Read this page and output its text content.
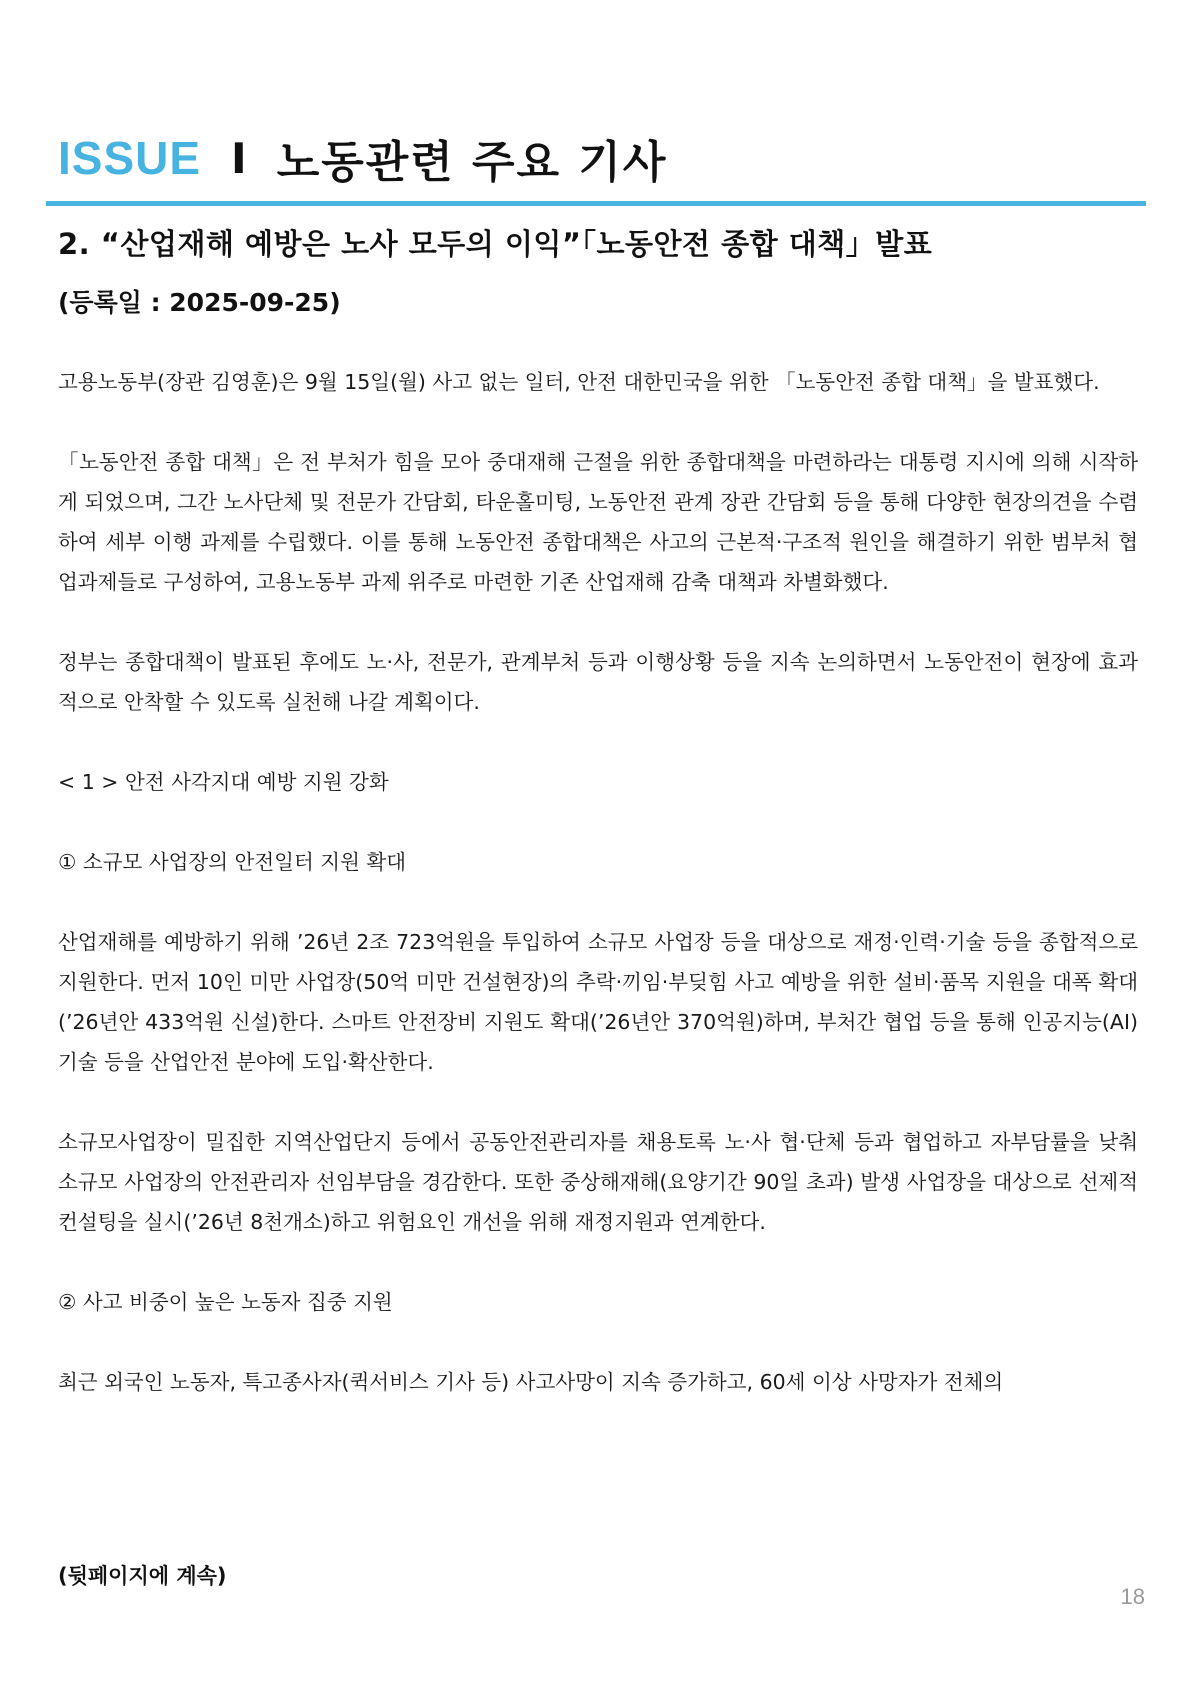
ISSUE I 노동관련 주요 기사
2. “산업재해 예방은 노사 모두의 이익”「노동안전 종합 대책」발표
(등록일 : 2025-09-25)

고용노동부(장관 김영훈)은 9월 15일(월) 사고 없는 일터, 안전 대한민국을 위한 「노동안전 종합 대책」을 발표했다.

「노동안전 종합 대책」은 전 부처가 힘을 모아 중대재해 근절을 위한 종합대책을 마련하라는 대통령 지시에 의해 시작하게 되었으며, 그간 노사단체 및 전문가 간담회, 타운홀미팅, 노동안전 관계 장관 간담회 등을 통해 다양한 현장의견을 수렴하여 세부 이행 과제를 수립했다. 이를 통해 노동안전 종합대책은 사고의 근본적·구조적 원인을 해결하기 위한 범부처 협업과제들로 구성하여, 고용노동부 과제 위주로 마련한 기존 산업재해 감축 대책과 차별화했다.

정부는 종합대책이 발표된 후에도 노·사, 전문가, 관계부처 등과 이행상황 등을 지속 논의하면서 노동안전이 현장에 효과적으로 안착할 수 있도록 실천해 나갈 계획이다.

< 1 > 안전 사각지대 예방 지원 강화

① 소규모 사업장의 안전일터 지원 확대

산업재해를 예방하기 위해 ’26년 2조 723억원을 투입하여 소규모 사업장 등을 대상으로 재정·인력·기술 등을 종합적으로 지원한다. 먼저 10인 미만 사업장(50억 미만 건설현장)의 추락·끼임·부딪힘 사고 예방을 위한 설비·품목 지원을 대폭 확대(’26년안 433억원 신설)한다. 스마트 안전장비 지원도 확대(’26년안 370억원)하며, 부처간 협업 등을 통해 인공지능(AI) 기술 등을 산업안전 분야에 도입·확산한다.

소규모사업장이 밀집한 지역산업단지 등에서 공동안전관리자를 채용토록 노·사 협·단체 등과 협업하고 자부담률을 낮춰 소규모 사업장의 안전관리자 선임부담을 경감한다. 또한 중상해재해(요양기간 90일 초과) 발생 사업장을 대상으로 선제적 컨설팅을 실시(’26년 8천개소)하고 위험요인 개선을 위해 재정지원과 연계한다.

② 사고 비중이 높은 노동자 집중 지원

최근 외국인 노동자, 특고종사자(퀵서비스 기사 등) 사고사망이 지속 증가하고, 60세 이상 사망자가 전체의

(뒷페이지에 계속)
18
